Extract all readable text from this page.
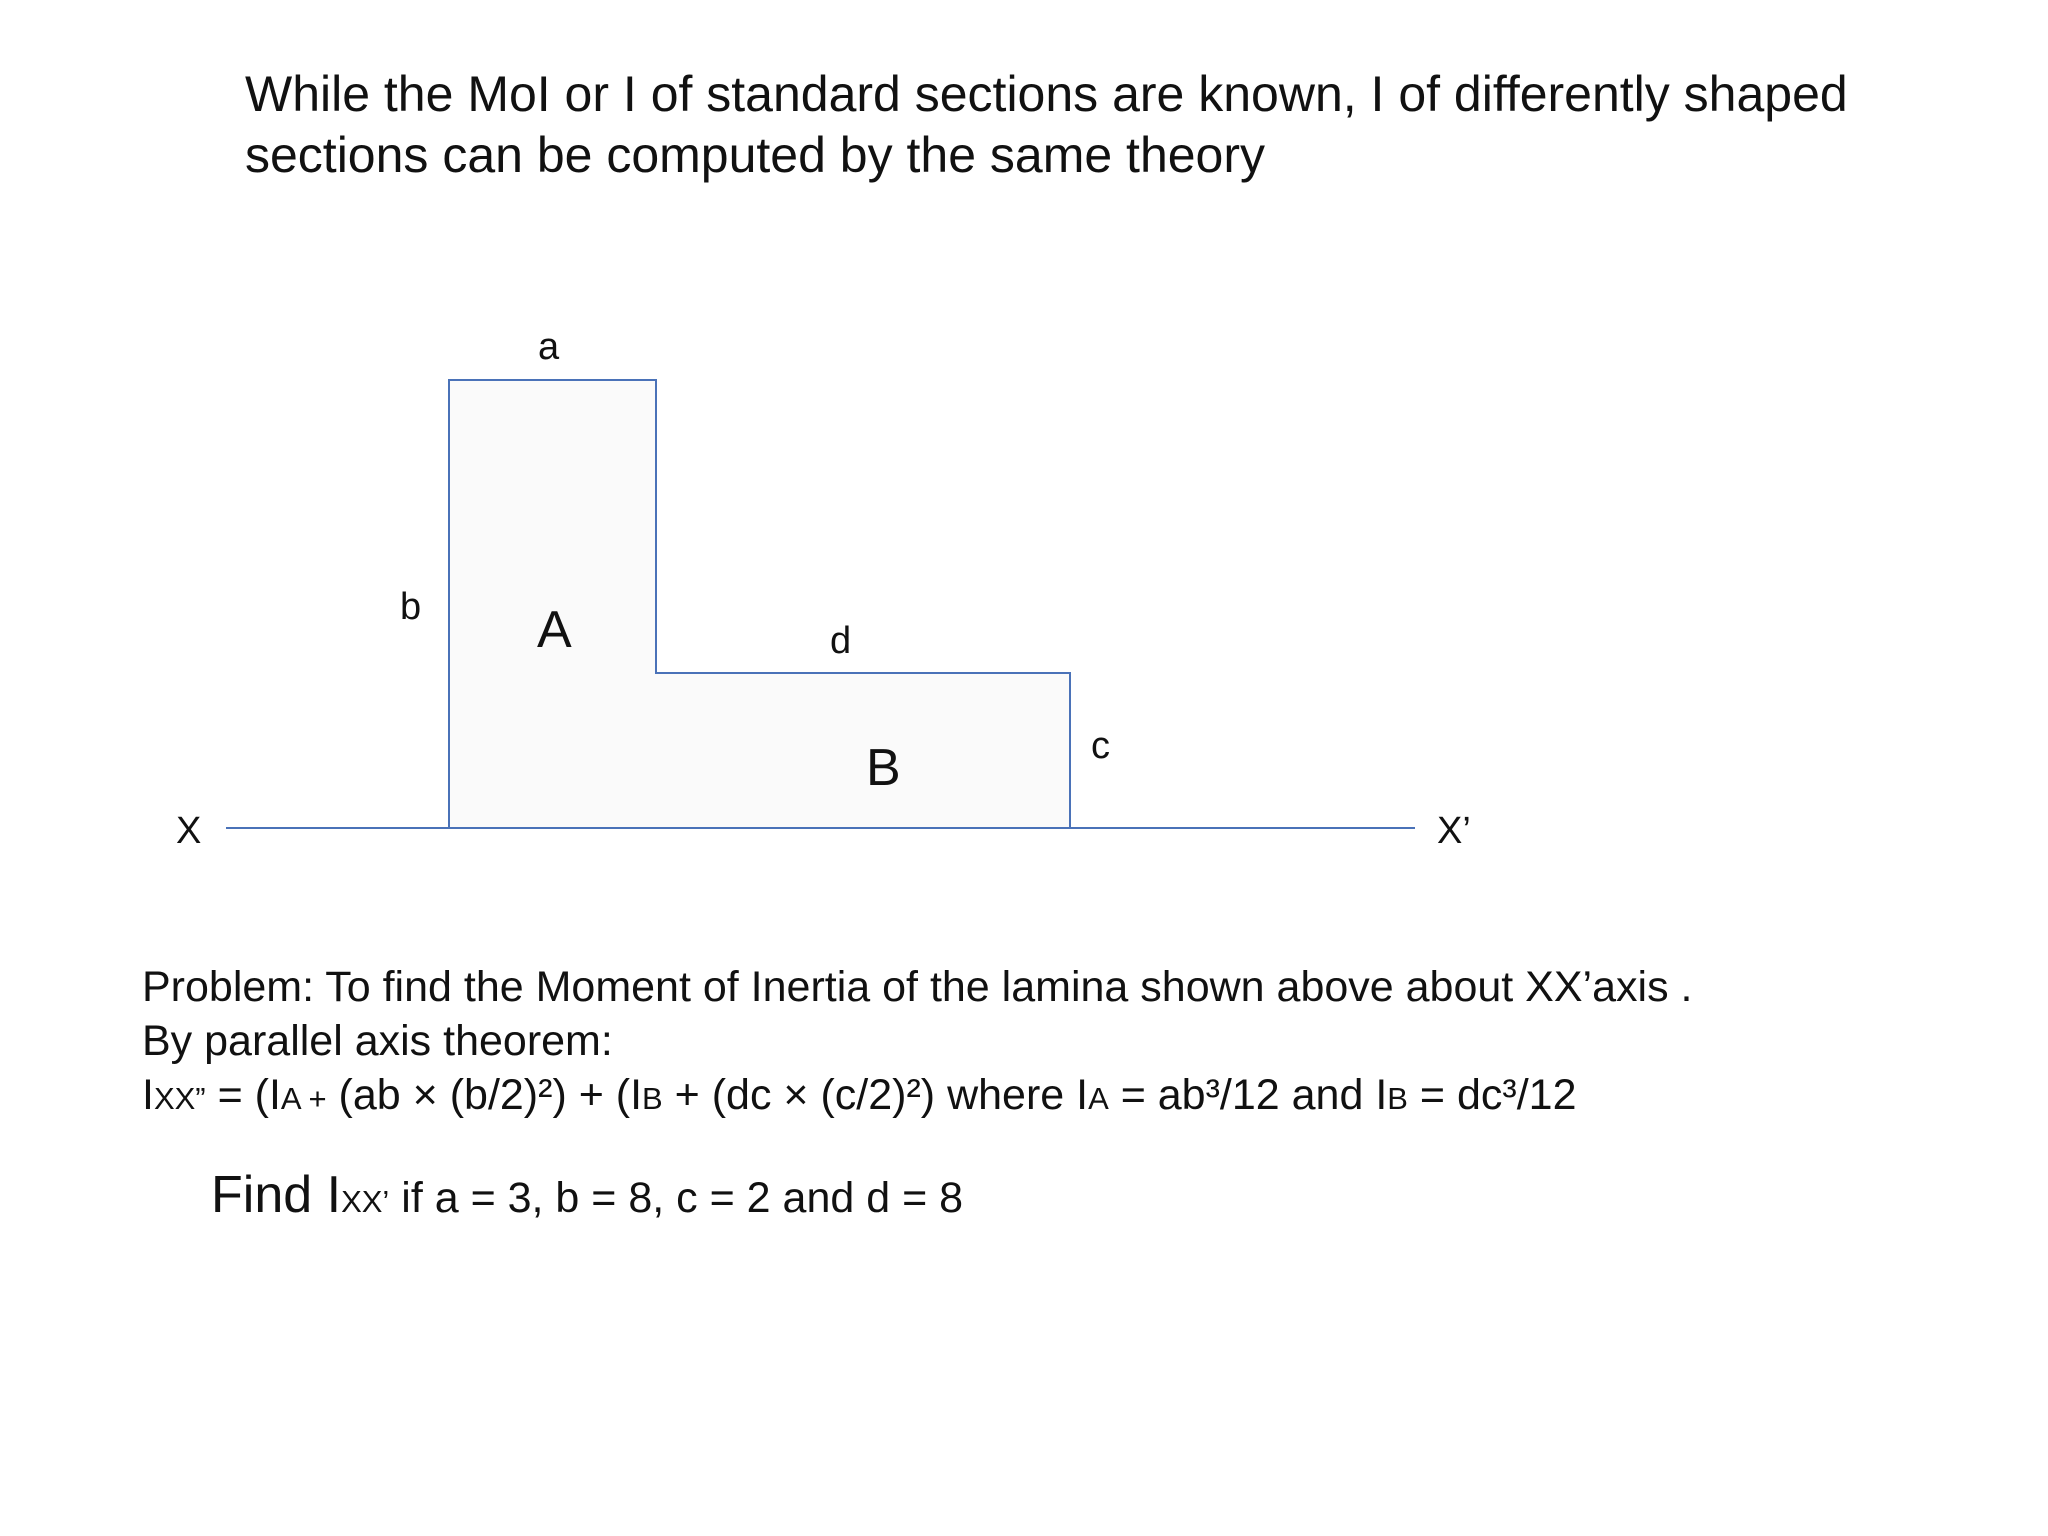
While the MoI or I of standard sections are known, I of differently shaped
sections can be computed by the same theory
a
b
d
c
A
B
X	X’

Problem: To find the Moment of Inertia of the lamina shown above about XX’axis .

By parallel axis theorem:

IXX” = (IA + (ab × (b/2)²) + (IB + (dc × (c/2)²) where IA = ab³/12 and IB = dc³/12

Find IXX’ if a = 3, b = 8, c = 2 and d = 8
